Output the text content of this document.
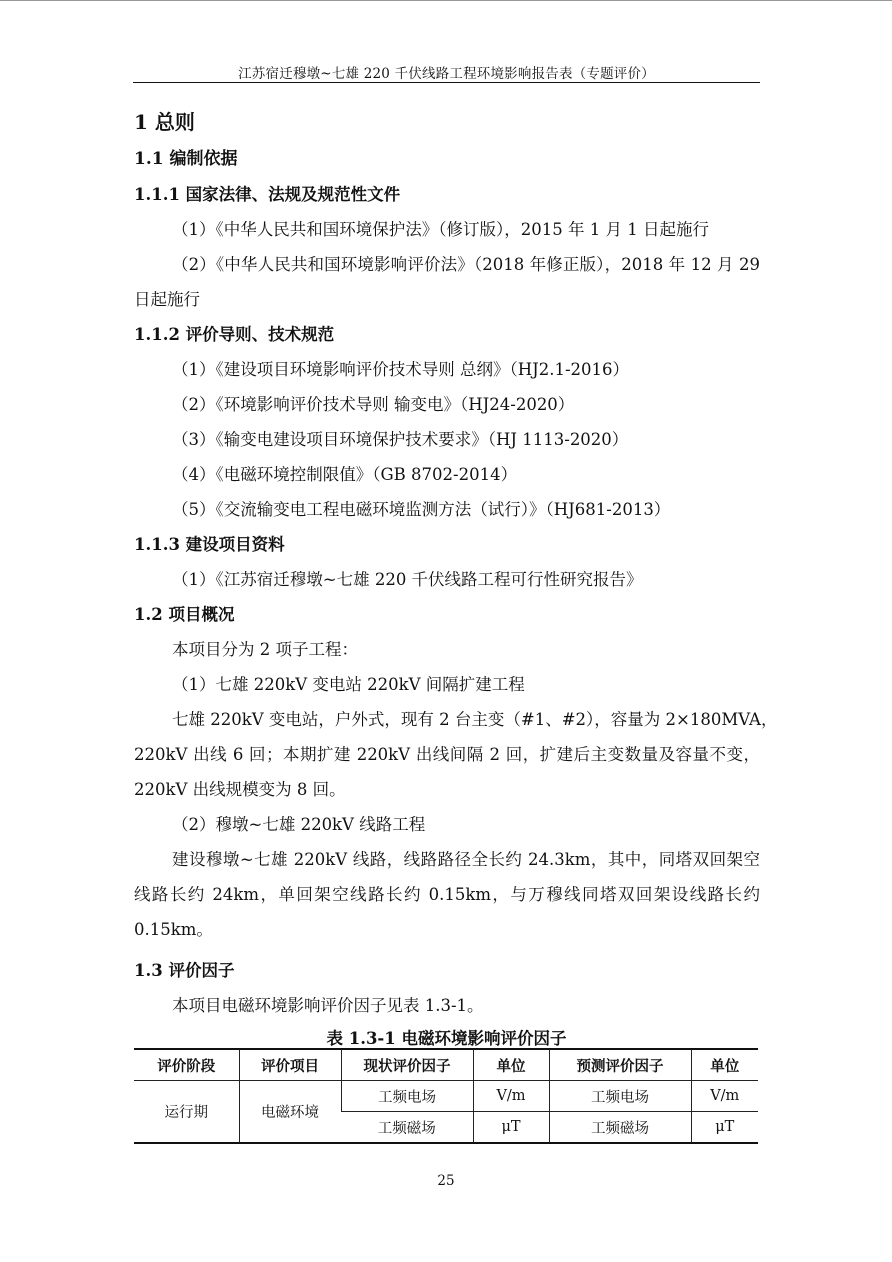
江苏宿迁穆墩~七雄 220 千伏线路工程环境影响报告表（专题评价）
1 总则
1.1 编制依据
1.1.1 国家法律、法规及规范性文件
（1）《中华人民共和国环境保护法》（修订版），2015 年 1 月 1 日起施行
（2）《中华人民共和国环境影响评价法》（2018 年修正版），2018 年 12 月 29
日起施行
1.1.2 评价导则、技术规范
（1）《建设项目环境影响评价技术导则 总纲》（HJ2.1-2016）
（2）《环境影响评价技术导则 输变电》（HJ24-2020）
（3）《输变电建设项目环境保护技术要求》（HJ 1113-2020）
（4）《电磁环境控制限值》（GB 8702-2014）
（5）《交流输变电工程电磁环境监测方法（试行）》（HJ681-2013）
1.1.3 建设项目资料
（1）《江苏宿迁穆墩~七雄 220 千伏线路工程可行性研究报告》
1.2 项目概况
本项目分为 2 项子工程：
（1）七雄 220kV 变电站 220kV 间隔扩建工程
七雄 220kV 变电站，户外式，现有 2 台主变（#1、#2），容量为 2×180MVA，
220kV 出线 6 回；本期扩建 220kV 出线间隔 2 回，扩建后主变数量及容量不变，
220kV 出线规模变为 8 回。
（2）穆墩~七雄 220kV 线路工程
建设穆墩~七雄 220kV 线路，线路路径全长约 24.3km，其中，同塔双回架空
线路长约 24km，单回架空线路长约 0.15km，与万穆线同塔双回架设线路长约
0.15km。
1.3 评价因子
本项目电磁环境影响评价因子见表 1.3-1。
表 1.3-1 电磁环境影响评价因子
评价阶段	评价项目	现状评价因子	单位	预测评价因子	单位
运行期	电磁环境	工频电场	V/m	工频电场	V/m
		工频磁场	μT	工频磁场	μT
25
